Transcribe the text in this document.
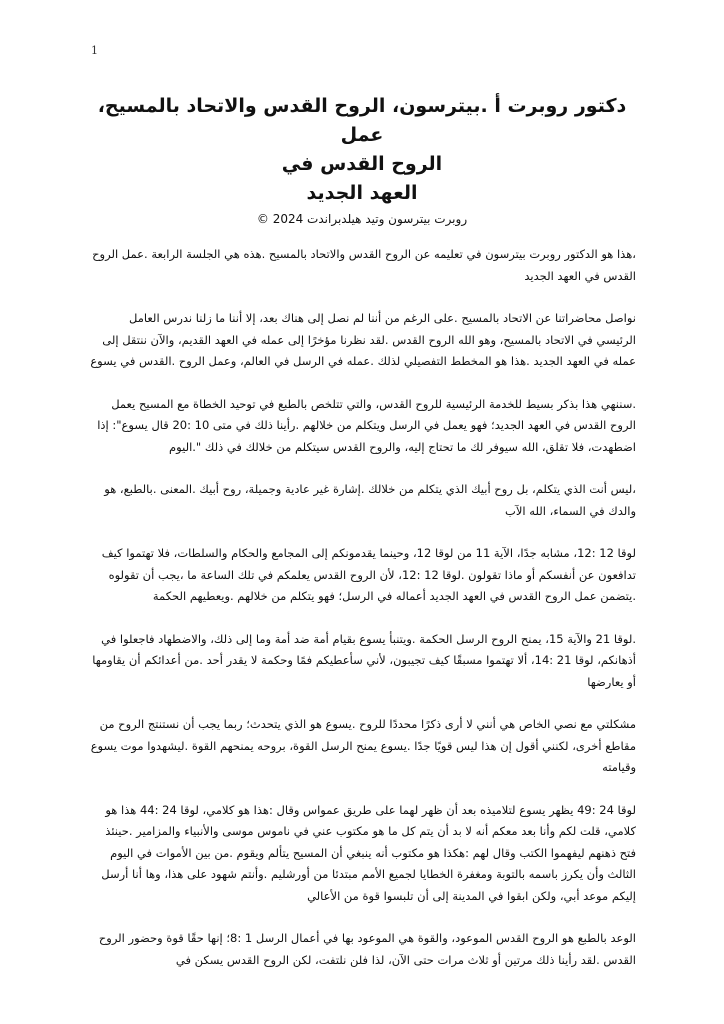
1
دكتور روبرت أ .بيترسون، الروح القدس والاتحاد بالمسيح، عمل
الروح القدس في
العهد الجديد
روبرت بيترسون وتيد هيلدبراندت 2024 ©

،هذا هو الدكتور روبرت بيترسون في تعليمه عن الروح القدس والاتحاد بالمسيح .هذه هي الجلسة الرابعة .عمل الروح القدس في العهد الجديد

نواصل محاضراتنا عن الاتحاد بالمسيح .على الرغم من أننا لم نصل إلى هناك بعد، إلا أننا ما زلنا ندرس العامل الرئيسي في الاتحاد بالمسيح، وهو الله الروح القدس .لقد نظرنا مؤخرًا إلى عمله في العهد القديم، والآن ننتقل إلى عمله في العهد الجديد .هذا هو المخطط التفصيلي لذلك .عمله في الرسل في العالم، وعمل الروح .القدس في يسوع

.سننهي هذا بذكر بسيط للخدمة الرئيسية للروح القدس، والتي تتلخص بالطبع في توحيد الخطاة مع المسيح يعمل الروح القدس في العهد الجديد؛ فهو يعمل في الرسل ويتكلم من خلالهم .رأينا ذلك في متى 10 :20 قال يسوع": إذا اضطهدت، فلا تقلق، الله سيوفر لك ما تحتاج إليه، والروح القدس سيتكلم من خلالك في ذلك ".اليوم

،ليس أنت الذي يتكلم، بل روح أبيك الذي يتكلم من خلالك .إشارة غير عادية وجميلة، روح أبيك .المعنى .بالطبع، هو والدك في السماء، الله الآب

لوقا 12 :12، مشابه جدًا، الآية 11 من لوقا 12، وحينما يقدمونكم إلى المجامع والحكام والسلطات، فلا تهتموا كيف تدافعون عن أنفسكم أو ماذا تقولون .لوقا 12 :12، لأن الروح القدس يعلمكم في تلك الساعة ما ،يجب أن تقولوه .يتضمن عمل الروح القدس في العهد الجديد أعماله في الرسل؛ فهو يتكلم من خلالهم .ويعطيهم الحكمة

.لوقا 21 والآية 15، يمنح الروح الرسل الحكمة .ويتنبأ يسوع بقيام أمة ضد أمة وما إلى ذلك، والاضطهاد فاجعلوا في أذهانكم، لوقا 21 :14، ألا تهتموا مسبقًا كيف تجيبون، لأني سأعطيكم فمًا وحكمة لا يقدر أحد .من أعدائكم أن يقاومها أو يعارضها

مشكلتي مع نصي الخاص هي أنني لا أرى ذكرًا محددًا للروح .يسوع هو الذي يتحدث؛ ربما يجب أن نستنتج الروح من مقاطع أخرى، لكنني أقول إن هذا ليس قويًا جدًا .يسوع يمنح الرسل القوة، بروحه يمنحهم القوة .ليشهدوا موت يسوع وقيامته

لوقا 24 :49 يظهر يسوع لتلاميذه بعد أن ظهر لهما على طريق عمواس وقال :هذا هو كلامي، لوقا 24 :44 هذا هو كلامي، قلت لكم وأنا بعد معكم أنه لا بد أن يتم كل ما هو مكتوب عني في ناموس موسى والأنبياء والمزامير .حينئذ فتح ذهنهم ليفهموا الكتب وقال لهم :هكذا هو مكتوب أنه ينبغي أن المسيح يتألم ويقوم .من بين الأموات في اليوم الثالث وأن يكرز باسمه بالتوبة ومغفرة الخطايا لجميع الأمم مبتدئا من أورشليم .وأنتم شهود على هذا، وها أنا أرسل إليكم موعد أبي، ولكن ابقوا في المدينة إلى أن تلبسوا قوة من الأعالي

الوعد بالطبع هو الروح القدس الموعود، والقوة هي الموعود بها في أعمال الرسل 1 :8؛ إنها حقًا قوة وحضور الروح القدس .لقد رأينا ذلك مرتين أو ثلاث مرات حتى الآن، لذا فلن نلتفت، لكن الروح القدس يسكن في
